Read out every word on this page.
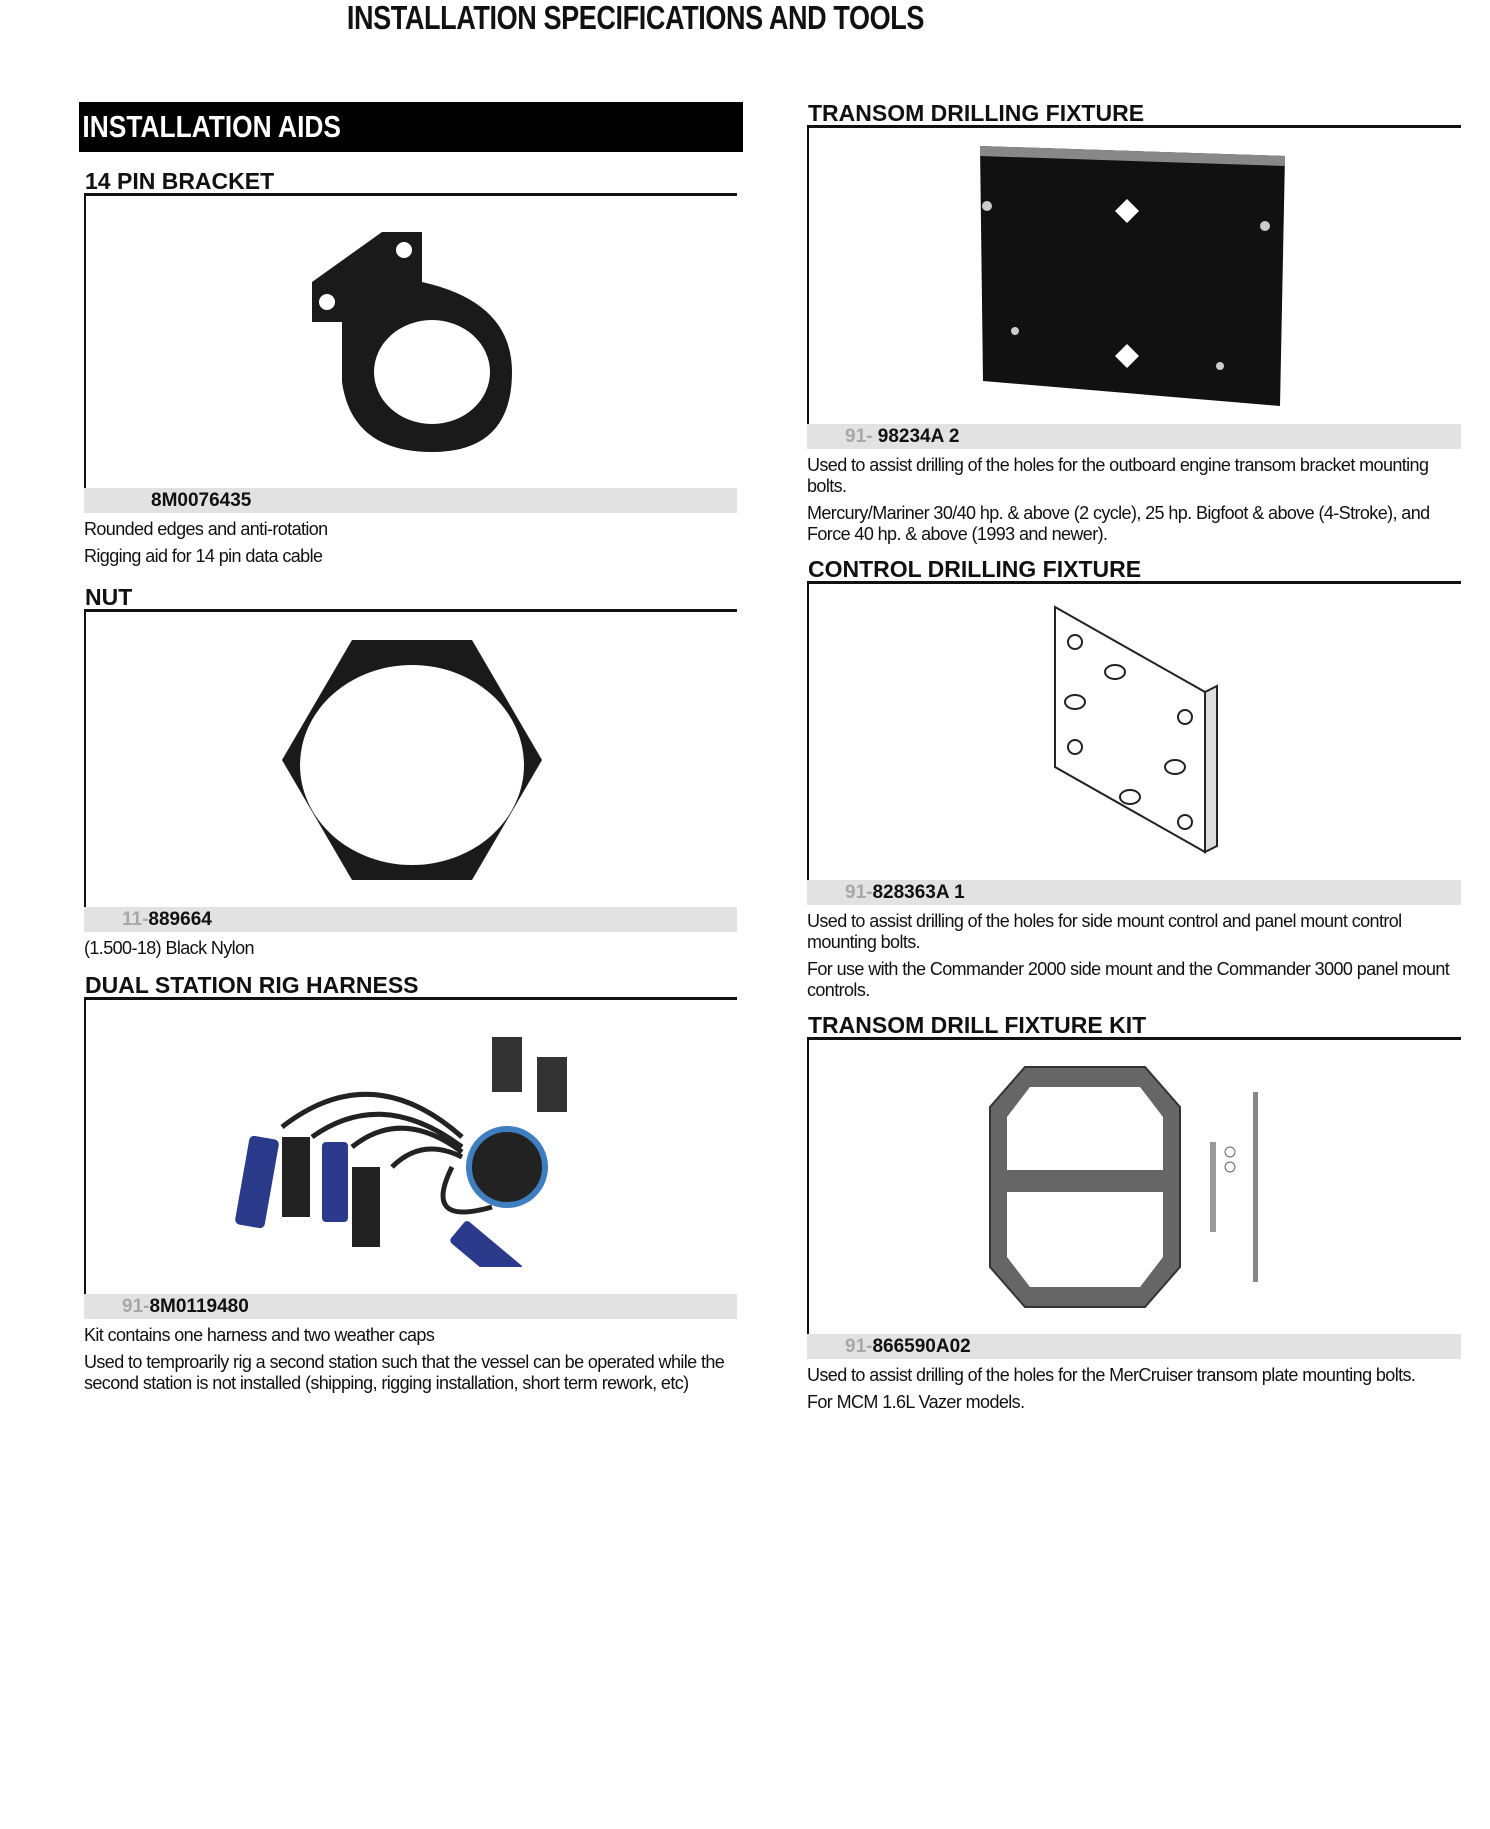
INSTALLATION SPECIFICATIONS AND TOOLS
INSTALLATION AIDS
14 PIN BRACKET
8M0076435
Rounded edges and anti-rotation
Rigging aid for 14 pin data cable
NUT
11-889664
(1.500-18) Black Nylon
DUAL STATION RIG HARNESS
91-8M0119480
Kit contains one harness and two weather caps
Used to temproarily rig a second station such that the vessel can be operated while the second station is not installed (shipping, rigging installation, short term rework, etc)
TRANSOM DRILLING FIXTURE
91- 98234A 2
Used to assist drilling of the holes for the outboard engine transom bracket mounting bolts.
Mercury/Mariner 30/40 hp. & above (2 cycle), 25 hp. Bigfoot & above (4-Stroke), and Force 40 hp. & above (1993 and newer).
CONTROL DRILLING FIXTURE
91-828363A 1
Used to assist drilling of the holes for side mount control and panel mount control mounting bolts.
For use with the Commander 2000 side mount and the Commander 3000 panel mount controls.
TRANSOM DRILL FIXTURE KIT
91-866590A02
Used to assist drilling of the holes for the MerCruiser transom plate mounting bolts.
For MCM 1.6L Vazer models.
